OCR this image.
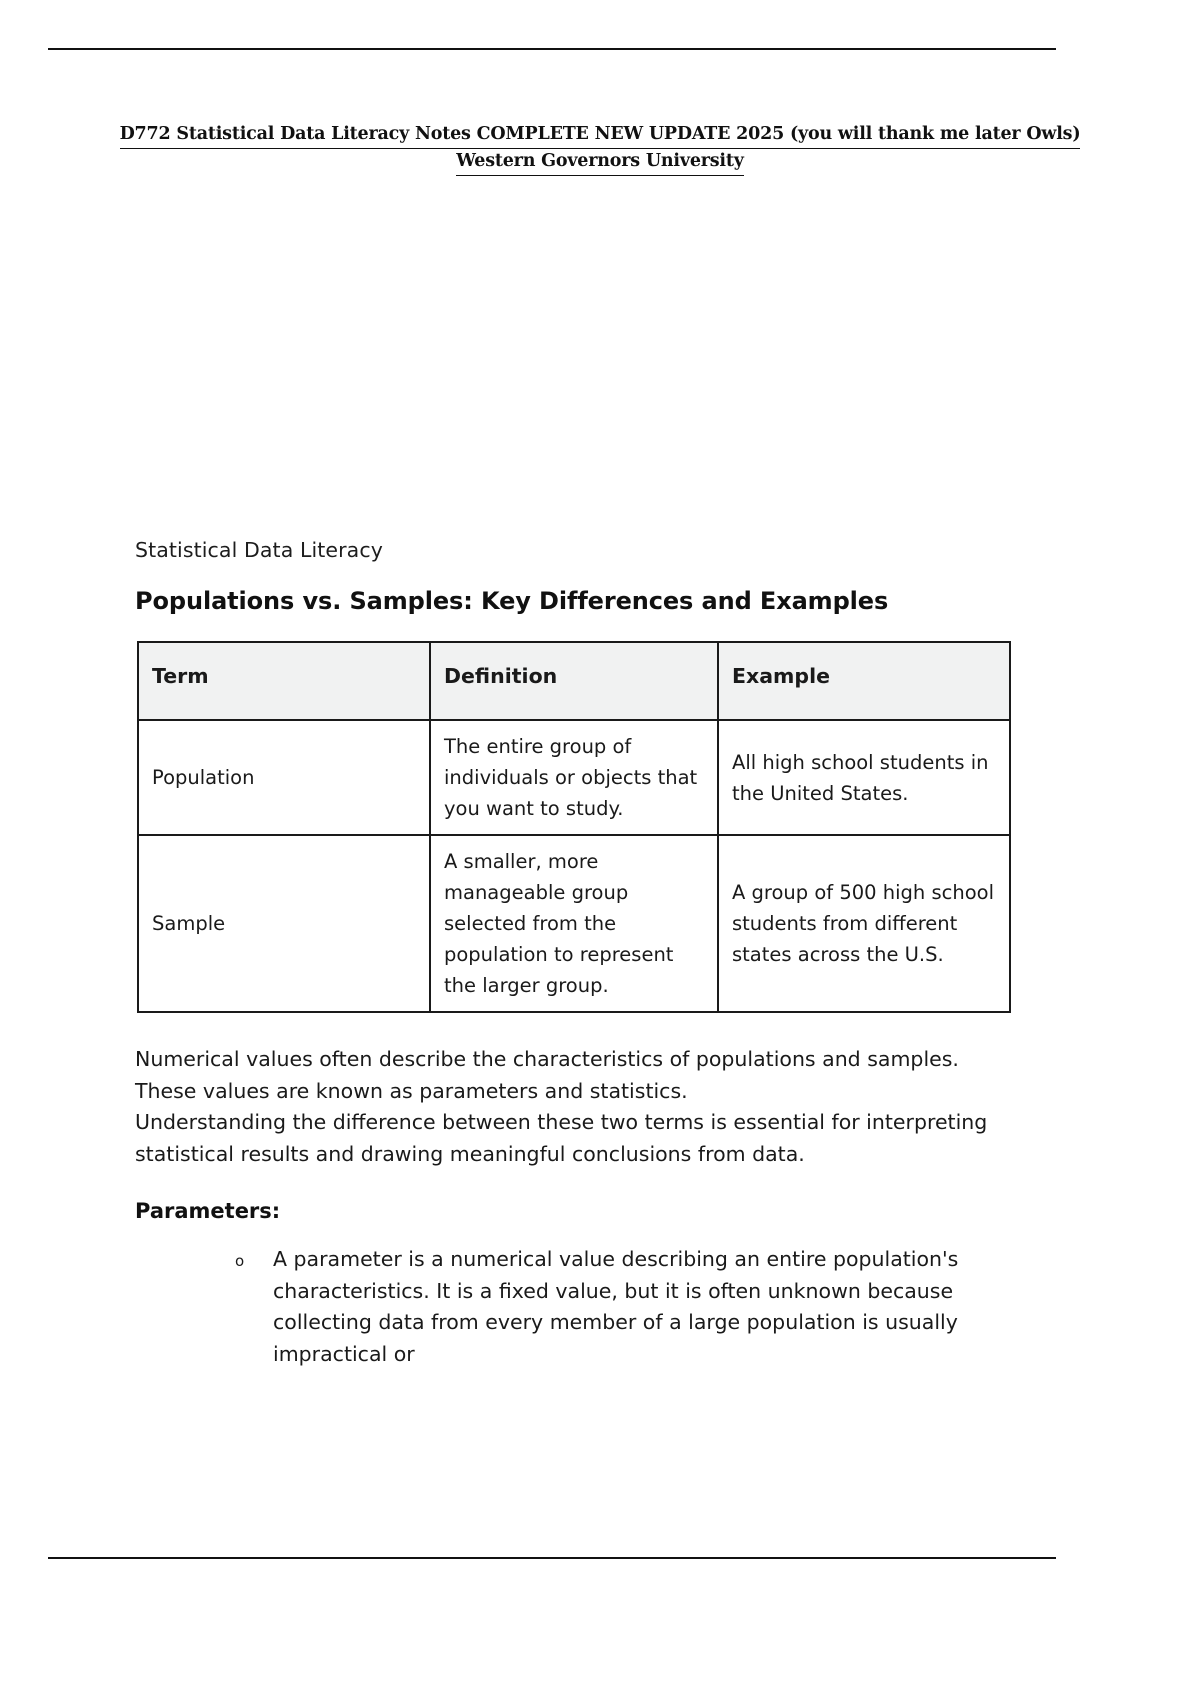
D772 Statistical Data Literacy Notes COMPLETE NEW UPDATE 2025 (you will thank me later Owls)
Western Governors University

Statistical Data Literacy

Populations vs. Samples: Key Differences and Examples
Term	Definition	Example
Population	The entire group of individuals or objects that you want to study.	All high school students in the United States.
Sample	A smaller, more manageable group selected from the population to represent the larger group.	A group of 500 high school students from different states across the U.S.

Numerical values often describe the characteristics of populations and samples. These values are known as parameters and statistics.

Understanding the difference between these two terms is essential for interpreting statistical results and drawing meaningful conclusions from data.

Parameters:
o A parameter is a numerical value describing an entire population's characteristics. It is a fixed value, but it is often unknown because collecting data from every member of a large population is usually impractical or
